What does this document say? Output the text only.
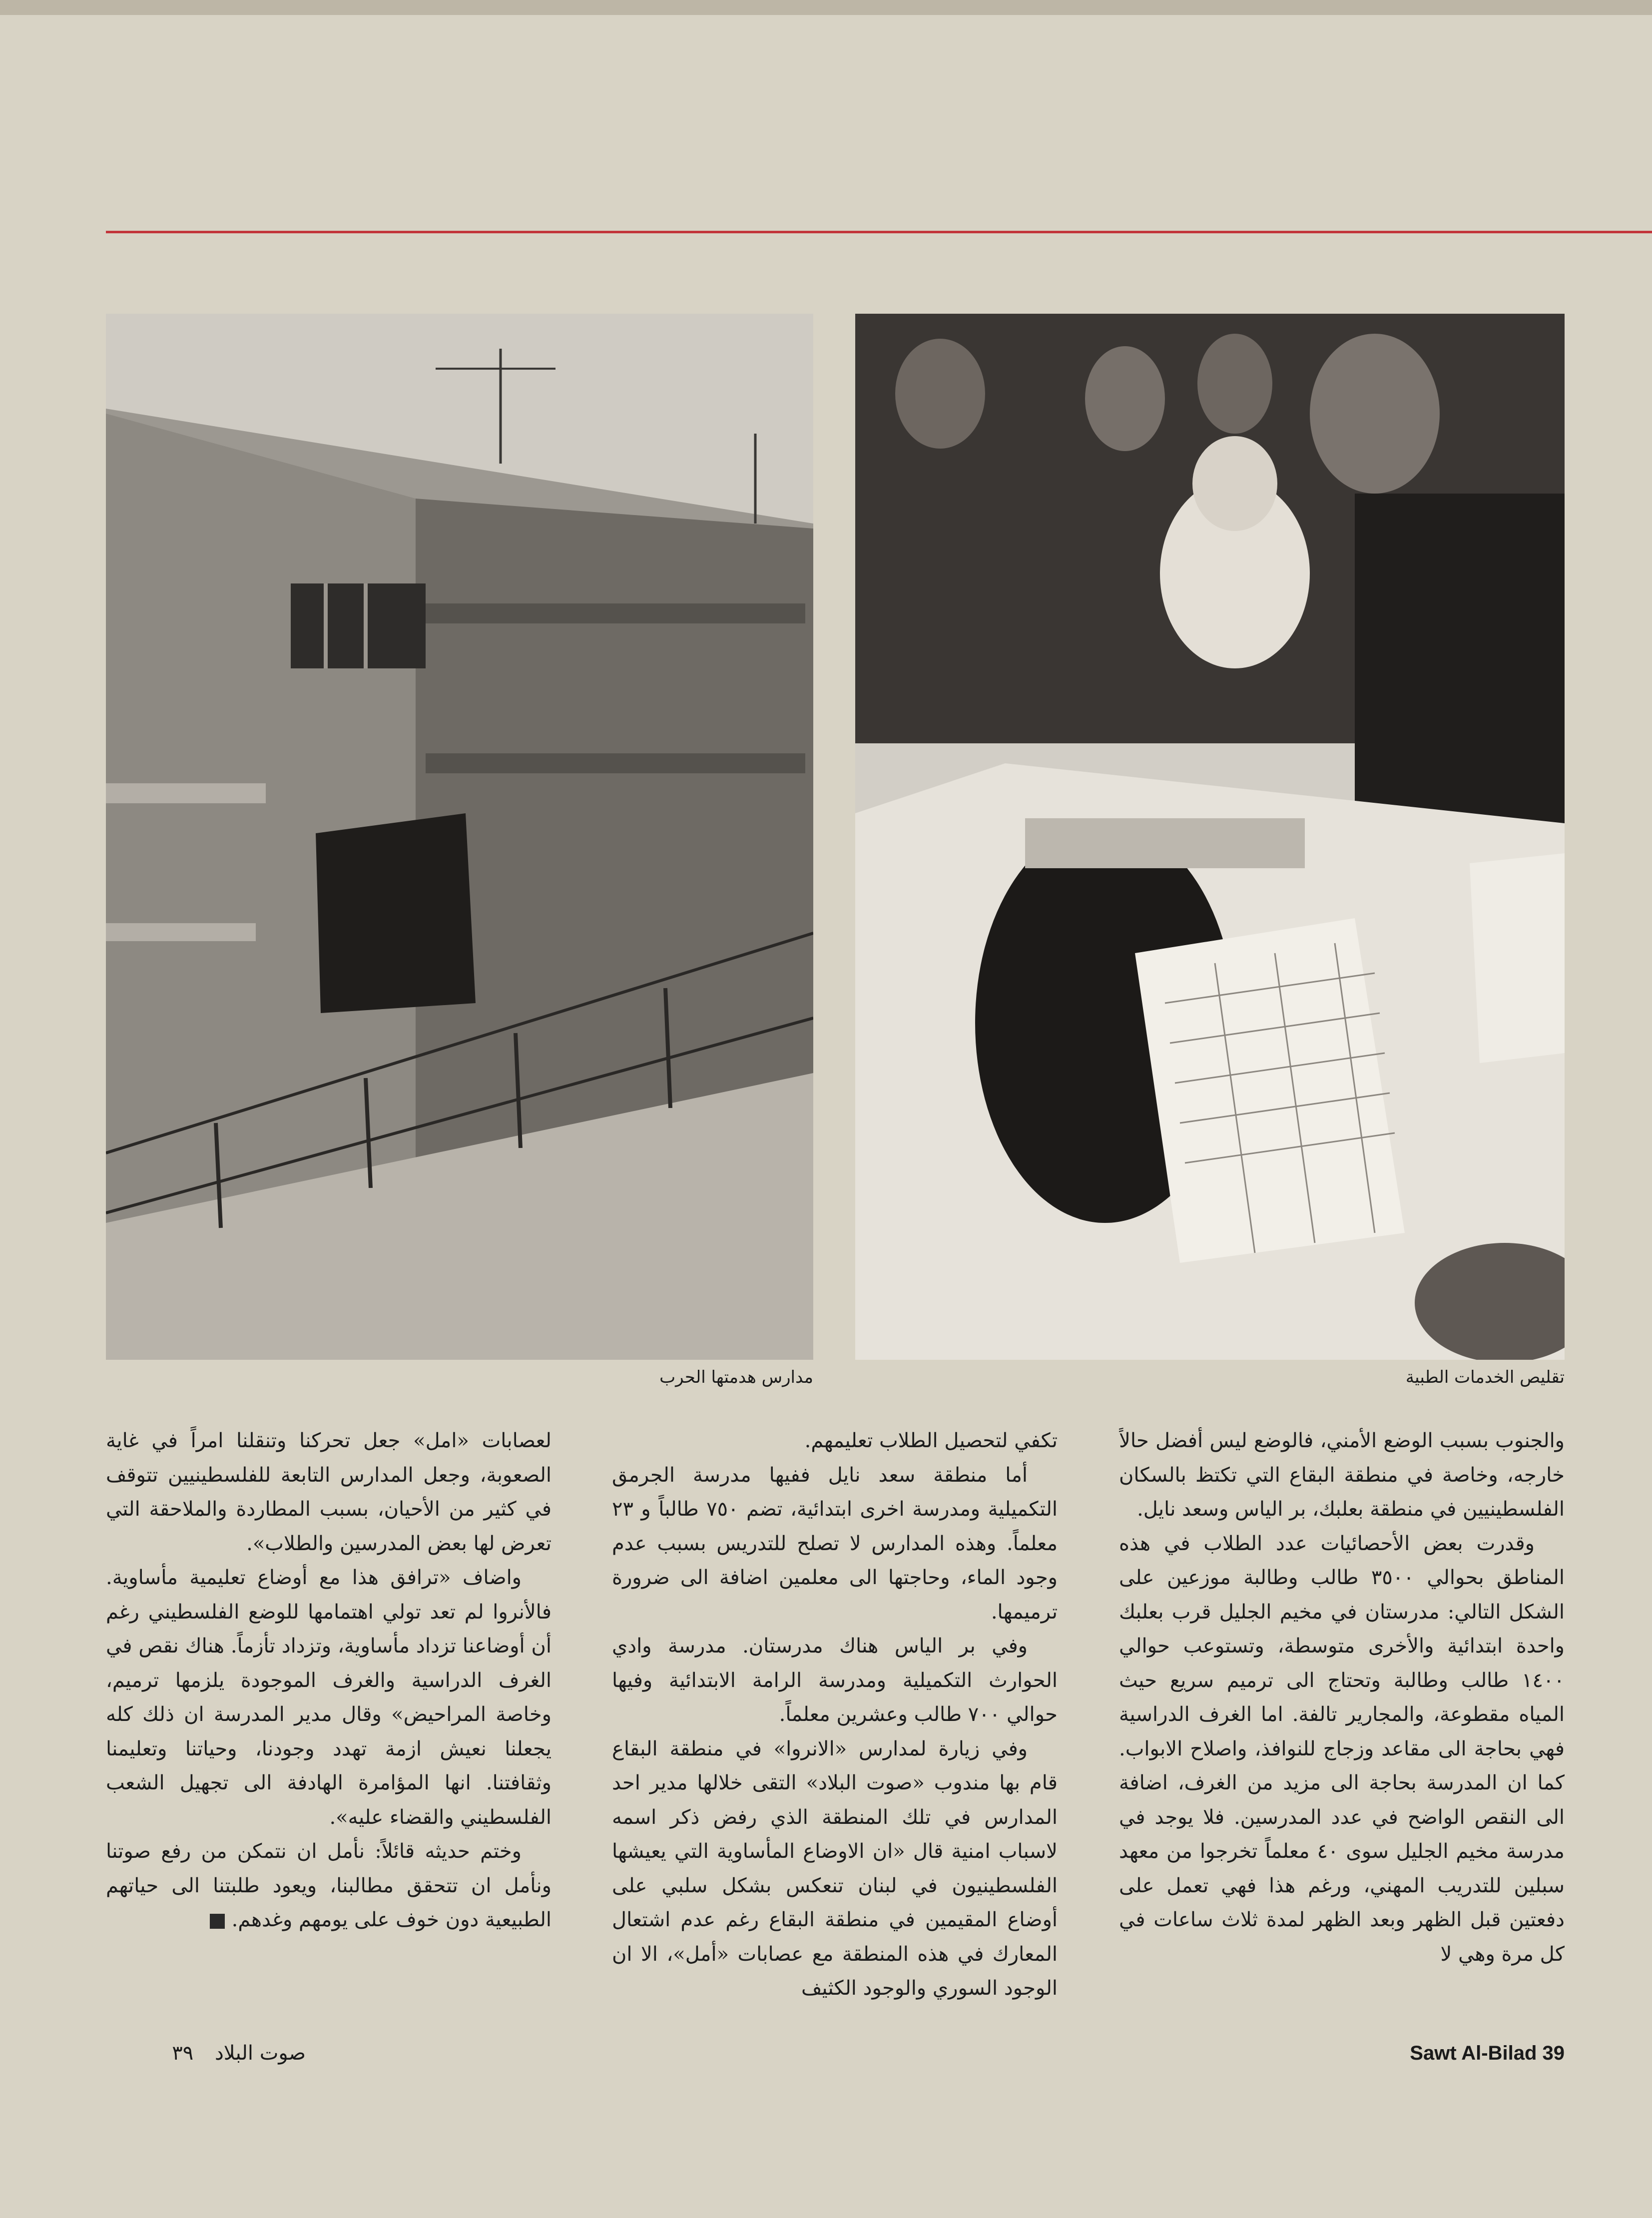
مدارس هدمتها الحرب	تقليص الخدمات الطبية

والجنوب بسبب الوضع الأمني، فالوضع ليس أفضل حالاً خارجه، وخاصة في منطقة البقاع التي تكتظ بالسكان الفلسطينيين في منطقة بعلبك، بر الياس وسعد نايل.

وقدرت بعض الأحصائيات عدد الطلاب في هذه المناطق بحوالي ٣٥٠٠ طالب وطالبة موزعين على الشكل التالي: مدرستان في مخيم الجليل قرب بعلبك واحدة ابتدائية والأخرى متوسطة، وتستوعب حوالي ١٤٠٠ طالب وطالبة وتحتاج الى ترميم سريع حيث المياه مقطوعة، والمجارير تالفة. اما الغرف الدراسية فهي بحاجة الى مقاعد وزجاج للنوافذ، واصلاح الابواب. كما ان المدرسة بحاجة الى مزيد من الغرف، اضافة الى النقص الواضح في عدد المدرسين. فلا يوجد في مدرسة مخيم الجليل سوى ٤٠ معلماً تخرجوا من معهد سبلين للتدريب المهني، ورغم هذا فهي تعمل على دفعتين قبل الظهر وبعد الظهر لمدة ثلاث ساعات في كل مرة وهي لا

تكفي لتحصيل الطلاب تعليمهم.

أما منطقة سعد نايل ففيها مدرسة الجرمق التكميلية ومدرسة اخرى ابتدائية، تضم ٧٥٠ طالباً و ٢٣ معلماً. وهذه المدارس لا تصلح للتدريس بسبب عدم وجود الماء، وحاجتها الى معلمين اضافة الى ضرورة ترميمها.

وفي بر الياس هناك مدرستان. مدرسة وادي الحوارث التكميلية ومدرسة الرامة الابتدائية وفيها حوالي ٧٠٠ طالب وعشرين معلماً.

وفي زيارة لمدارس «الانروا» في منطقة البقاع قام بها مندوب «صوت البلاد» التقى خلالها مدير احد المدارس في تلك المنطقة الذي رفض ذكر اسمه لاسباب امنية قال «ان الاوضاع المأساوية التي يعيشها الفلسطينيون في لبنان تنعكس بشكل سلبي على أوضاع المقيمين في منطقة البقاع رغم عدم اشتعال المعارك في هذه المنطقة مع عصابات «أمل»، الا ان الوجود السوري والوجود الكثيف

لعصابات «امل» جعل تحركنا وتنقلنا امراً في غاية الصعوبة، وجعل المدارس التابعة للفلسطينيين تتوقف في كثير من الأحيان، بسبب المطاردة والملاحقة التي تعرض لها بعض المدرسين والطلاب».

واضاف «ترافق هذا مع أوضاع تعليمية مأساوية. فالأنروا لم تعد تولي اهتمامها للوضع الفلسطيني رغم أن أوضاعنا تزداد مأساوية، وتزداد تأزماً. هناك نقص في الغرف الدراسية والغرف الموجودة يلزمها ترميم، وخاصة المراحيض» وقال مدير المدرسة ان ذلك كله يجعلنا نعيش ازمة تهدد وجودنا، وحياتنا وتعليمنا وثقافتنا. انها المؤامرة الهادفة الى تجهيل الشعب الفلسطيني والقضاء عليه».

وختم حديثه قائلاً: نأمل ان نتمكن من رفع صوتنا ونأمل ان تتحقق مطالبنا، ويعود طلبتنا الى حياتهم الطبيعية دون خوف على يومهم وغدهم.

Sawt Al-Bilad 39
صوت البلاد ٣٩
